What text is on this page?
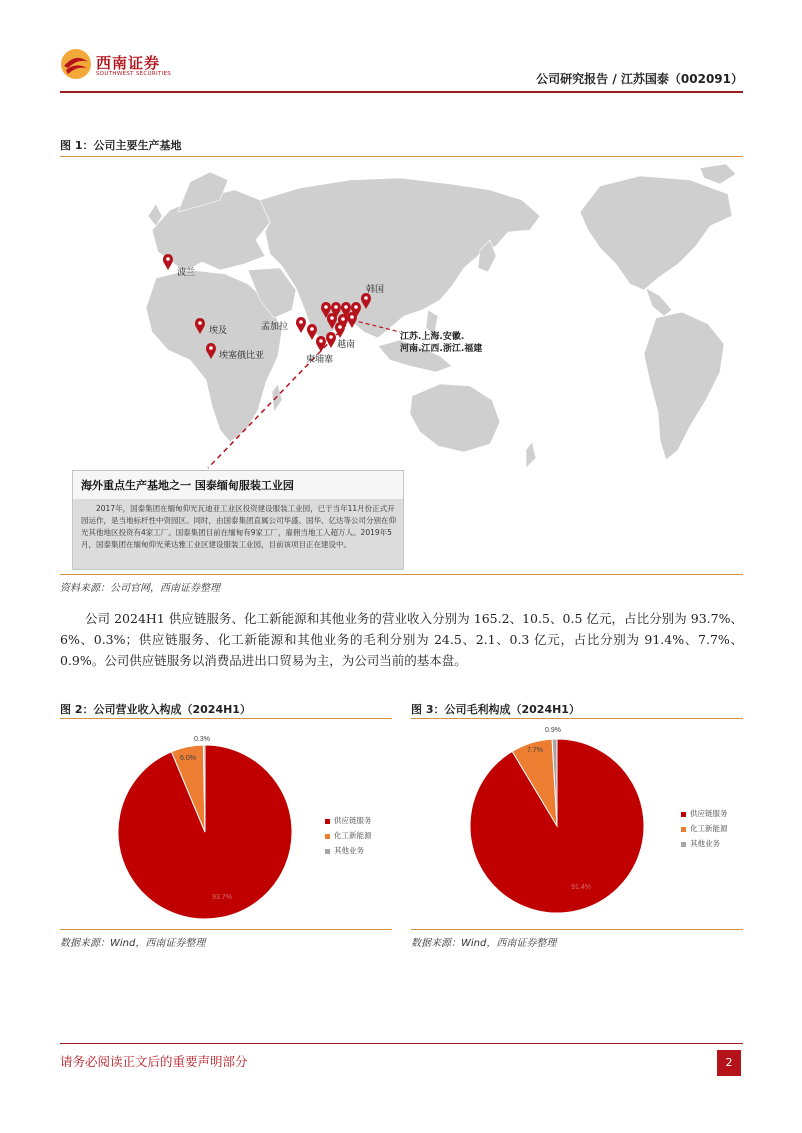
西南证券
SOUTHWEST SECURITIES	公司研究报告 / 江苏国泰（002091）
图 1：公司主要生产基地
波兰
韩国
埃及
埃塞俄比亚
孟加拉
越南
柬埔寨
江苏.上海.安徽.
河南.江西.浙江.福建
海外重点生产基地之一 国泰缅甸服装工业园
2017年，国泰集团在缅甸仰光瓦迪亚工业区投资建设服装工业园，已于当年11月份正式开园运作，是当地标杆性中资园区。同时，由国泰集团直属公司华盛、国华、亿达等公司分别在仰光其他地区投资有4家工厂。国泰集团目前在缅甸有9家工厂，雇佣当地工人超万人。2019年5月，国泰集团在缅甸仰光莱达雅工业区建设服装工业园，目前该项目正在建设中。
资料来源：公司官网，西南证券整理
公司 2024H1 供应链服务、化工新能源和其他业务的营业收入分别为 165.2、10.5、0.5 亿元，占比分别为 93.7%、6%、0.3%；供应链服务、化工新能源和其他业务的毛利分别为 24.5、2.1、0.3 亿元，占比分别为 91.4%、7.7%、0.9%。公司供应链服务以消费品进出口贸易为主，为公司当前的基本盘。
图 2：公司营业收入构成（2024H1）
93.7%
6.0%
0.3%
供应链服务
化工新能源
其他业务
数据来源：Wind，西南证券整理
图 3：公司毛利构成（2024H1）
91.4%
7.7%
0.9%
供应链服务
化工新能源
其他业务
数据来源：Wind，西南证券整理
请务必阅读正文后的重要声明部分	2
